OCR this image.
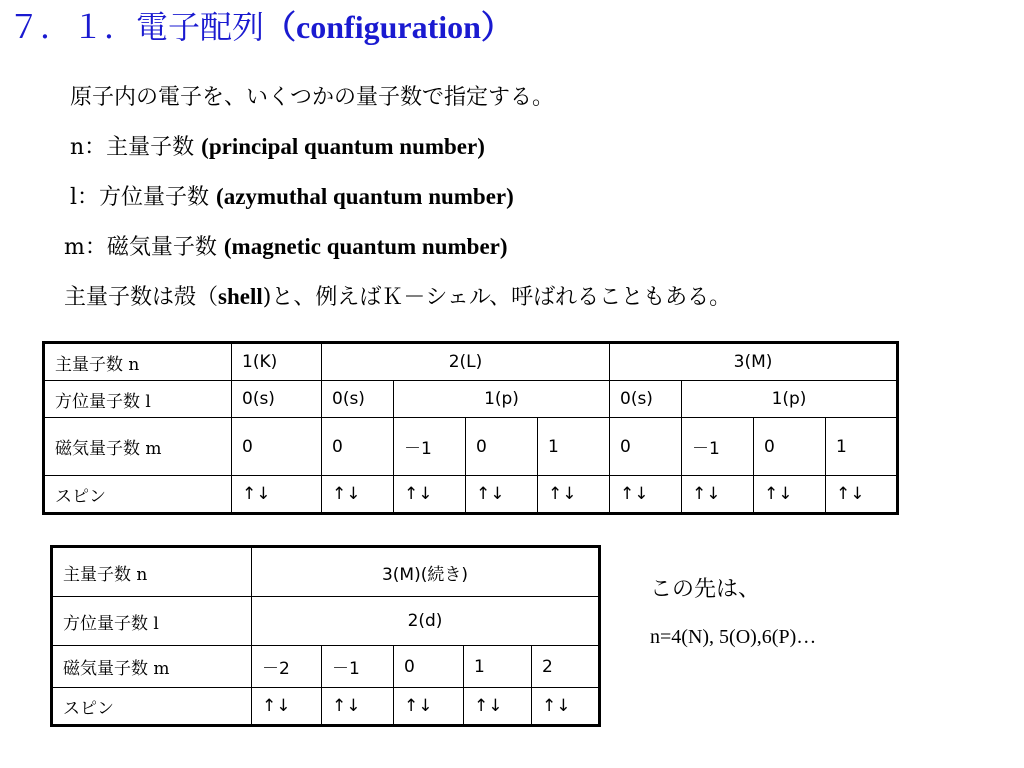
７．１．電子配列（configuration）
原子内の電子を、いくつかの量子数で指定する。
n：主量子数 (principal quantum number)
l：方位量子数 (azymuthal quantum number)
m：磁気量子数 (magnetic quantum number)
主量子数は殻（shell)と、例えばＫ－シェル、呼ばれることもある。
主量子数 n	1(K)	2(L)				3(M)			
方位量子数 l	0(s)	0(s)	1(p)			0(s)	1(p)		
磁気量子数 m	0	0	－1	0	1	0	－1	0	1
スピン	↑↓	↑↓	↑↓	↑↓	↑↓	↑↓	↑↓	↑↓	↑↓
主量子数 n	3(M)(続き)				
方位量子数 l	2(d)				
磁気量子数 m	－2	－1	0	1	2
スピン	↑↓	↑↓	↑↓	↑↓	↑↓
この先は、
n=4(N), 5(O),6(P)…
